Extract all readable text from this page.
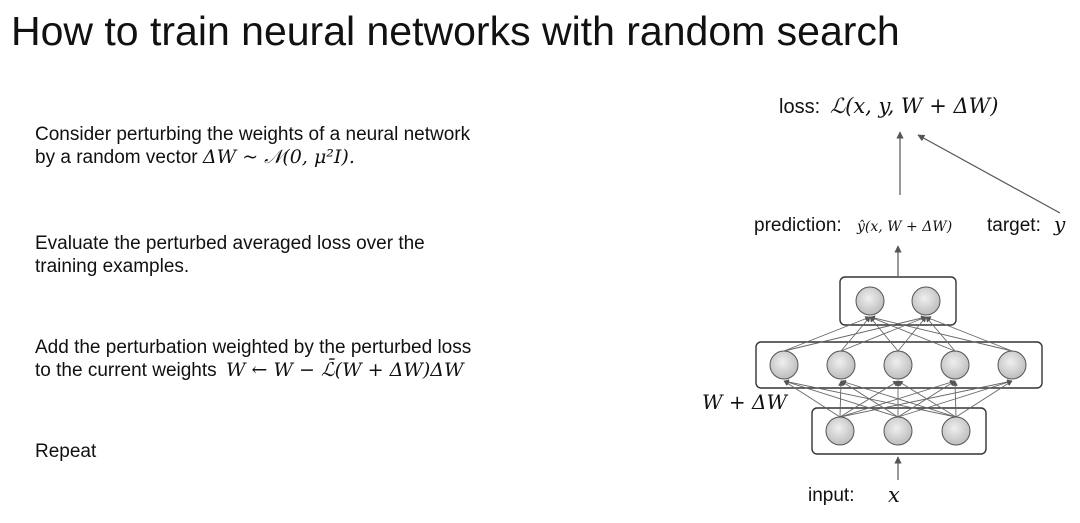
How to train neural networks with random search
Consider perturbing the weights of a neural network
by a random vector ΔW ~ 𝒩(0, μ²I).
Evaluate the perturbed averaged loss over the
training examples.
Add the perturbation weighted by the perturbed loss
to the current weights W ← W − ℒ̄(W + ΔW)ΔW
Repeat
loss: ℒ(x, y, W + ΔW)
prediction: ŷ(x, W + ΔW) target: y
W + ΔW
input: x
